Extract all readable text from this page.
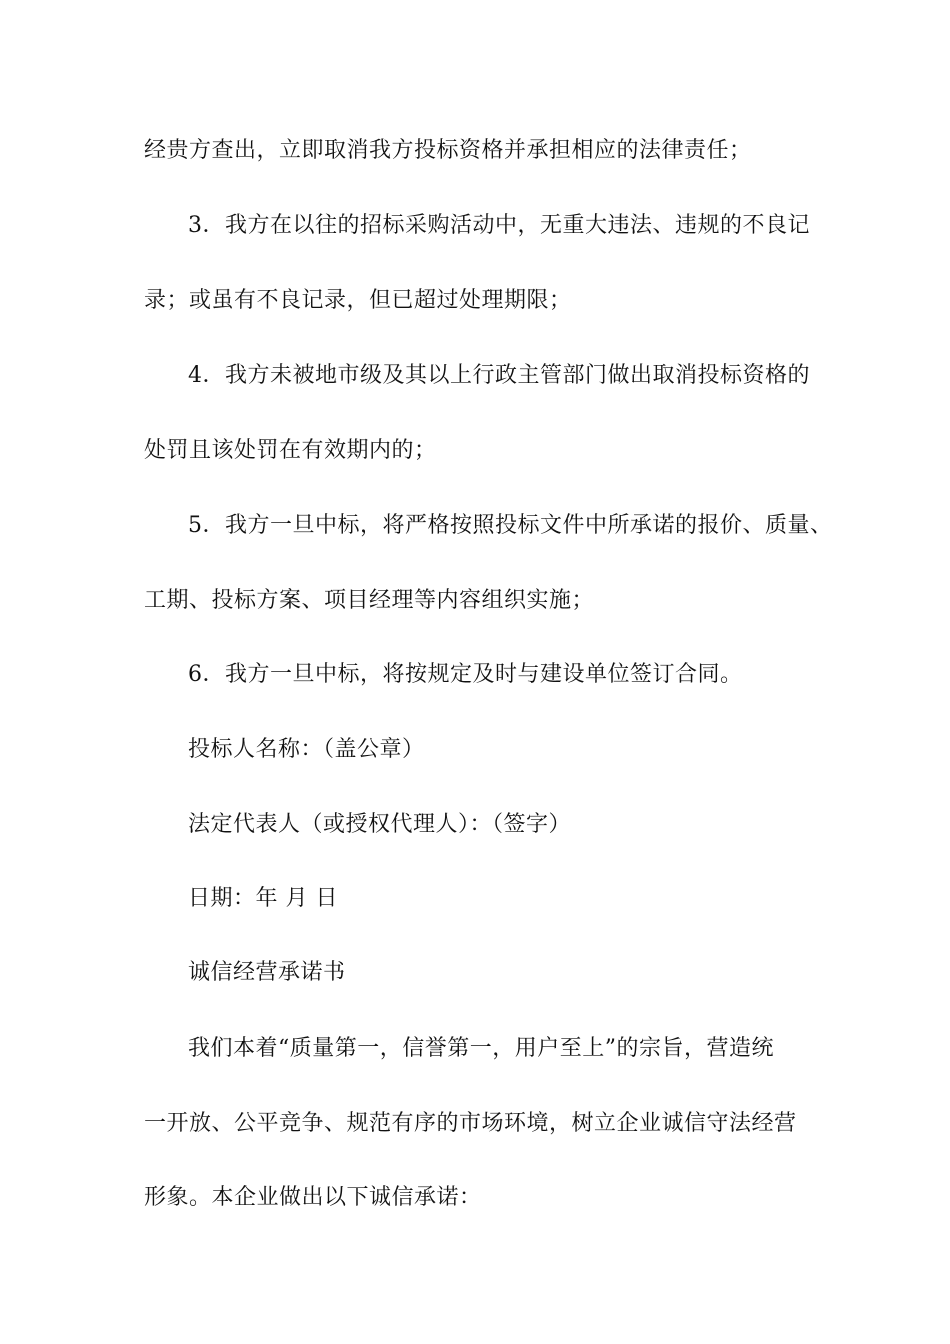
经贵方查出，立即取消我方投标资格并承担相应的法律责任；
3．我方在以往的招标采购活动中，无重大违法、违规的不良记
录；或虽有不良记录，但已超过处理期限；
4．我方未被地市级及其以上行政主管部门做出取消投标资格的
处罚且该处罚在有效期内的；
5．我方一旦中标，将严格按照投标文件中所承诺的报价、质量、
工期、投标方案、项目经理等内容组织实施；
6．我方一旦中标，将按规定及时与建设单位签订合同。
投标人名称：（盖公章）
法定代表人（或授权代理人）：（签字）
日期：年 月 日
诚信经营承诺书
我们本着“质量第一，信誉第一，用户至上”的宗旨，营造统
一开放、公平竞争、规范有序的市场环境，树立企业诚信守法经营
形象。本企业做出以下诚信承诺：
